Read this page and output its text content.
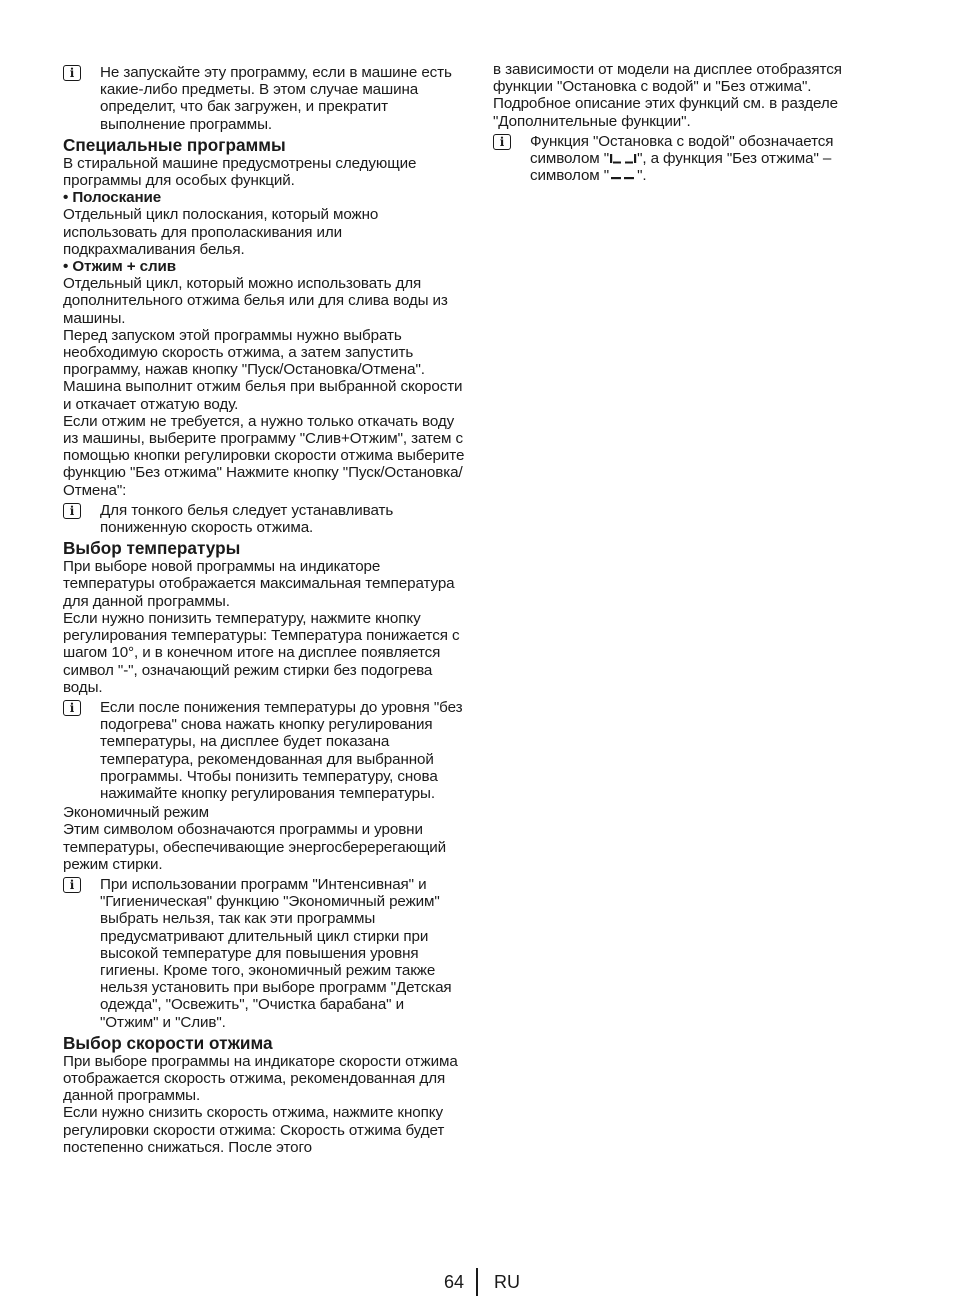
i	Не запускайте эту программу, если в машине есть какие-либо предметы. В этом случае машина определит, что бак загружен, и прекратит выполнение программы.
Специальные программы

В стиральной машине предусмотрены следующие программы для особых функций.

• Полоскание

Отдельный цикл полоскания, который можно использовать для прополаскивания или подкрахмаливания белья.

• Отжим + слив

Отдельный цикл, который можно использовать для дополнительного отжима белья или для слива воды из машины.

Перед запуском этой программы нужно выбрать необходимую скорость отжима, а затем запустить программу, нажав кнопку "Пуск/Остановка/Отмена". Машина выполнит отжим белья при выбранной скорости и откачает отжатую воду.

Если отжим не требуется, а нужно только откачать воду из машины, выберите программу "Слив+Отжим", затем с помощью кнопки регулировки скорости отжима выберите функцию "Без отжима" Нажмите кнопку "Пуск/Остановка/Отмена":

i	Для тонкого белья следует устанавливать пониженную скорость отжима.
Выбор температуры

При выборе новой программы на индикаторе температуры отображается максимальная температура для данной программы.

Если нужно понизить температуру, нажмите кнопку регулирования температуры: Температура понижается с шагом 10°, и в конечном итоге на дисплее появляется символ "-", означающий режим стирки без подогрева воды.

i	Если после понижения температуры до уровня "без подогрева" снова нажать кнопку регулирования температуры, на дисплее будет показана температура, рекомендованная для выбранной программы. Чтобы понизить температуру, снова нажимайте кнопку регулирования температуры.

Экономичный режим

Этим символом обозначаются программы и уровни температуры, обеспечивающие энергосберерегающий режим стирки.

i	При использовании программ "Интенсивная" и "Гигиеническая" функцию "Экономичный режим" выбрать нельзя, так как эти программы предусматривают длительный цикл стирки при высокой температуре для повышения уровня гигиены. Кроме того, экономичный режим также нельзя установить при выборе программ "Детская одежда", "Освежить", "Очистка барабана" и "Отжим" и "Слив".
Выбор скорости отжима

При выборе программы на индикаторе скорости отжима отображается скорость отжима, рекомендованная для данной программы.

Если нужно снизить скорость отжима, нажмите кнопку регулировки скорости отжима: Скорость отжима будет постепенно снижаться. После этого

в зависимости от модели на дисплее отобразятся функции "Остановка с водой" и "Без отжима". Подробное описание этих функций см. в разделе "Дополнительные функции".

i	Функция "Остановка с водой" обозначается символом " ", а функция "Без отжима" – символом " ".
64 RU
